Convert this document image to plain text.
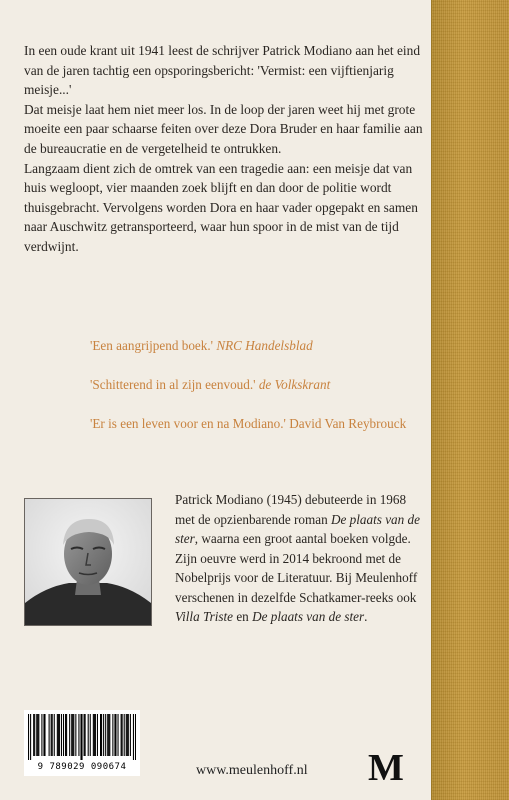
In een oude krant uit 1941 leest de schrijver Patrick Modiano aan het eind van de jaren tachtig een opsporingsbericht: 'Vermist: een vijftienjarig meisje...'

Dat meisje laat hem niet meer los. In de loop der jaren weet hij met grote moeite een paar schaarse feiten over deze Dora Bruder en haar familie aan de bureaucratie en de vergetelheid te ontrukken.

Langzaam dient zich de omtrek van een tragedie aan: een meisje dat van huis wegloopt, vier maanden zoek blijft en dan door de politie wordt thuisgebracht. Vervolgens worden Dora en haar vader opgepakt en samen naar Auschwitz getransporteerd, waar hun spoor in de mist van de tijd verdwijnt.

'Een aangrijpend boek.' NRC Handelsblad
'Schitterend in al zijn eenvoud.' de Volkskrant
'Er is een leven voor en na Modiano.' David Van Reybrouck
Patrick Modiano (1945) debuteerde in 1968 met de opzienbarende roman De plaats van de ster, waarna een groot aantal boeken volgde. Zijn oeuvre werd in 2014 bekroond met de Nobelprijs voor de Literatuur. Bij Meulenhoff verschenen in dezelfde Schatkamer-reeks ook Villa Triste en De plaats van de ster.
9 789029 090674	www.meulenhoff.nl M
